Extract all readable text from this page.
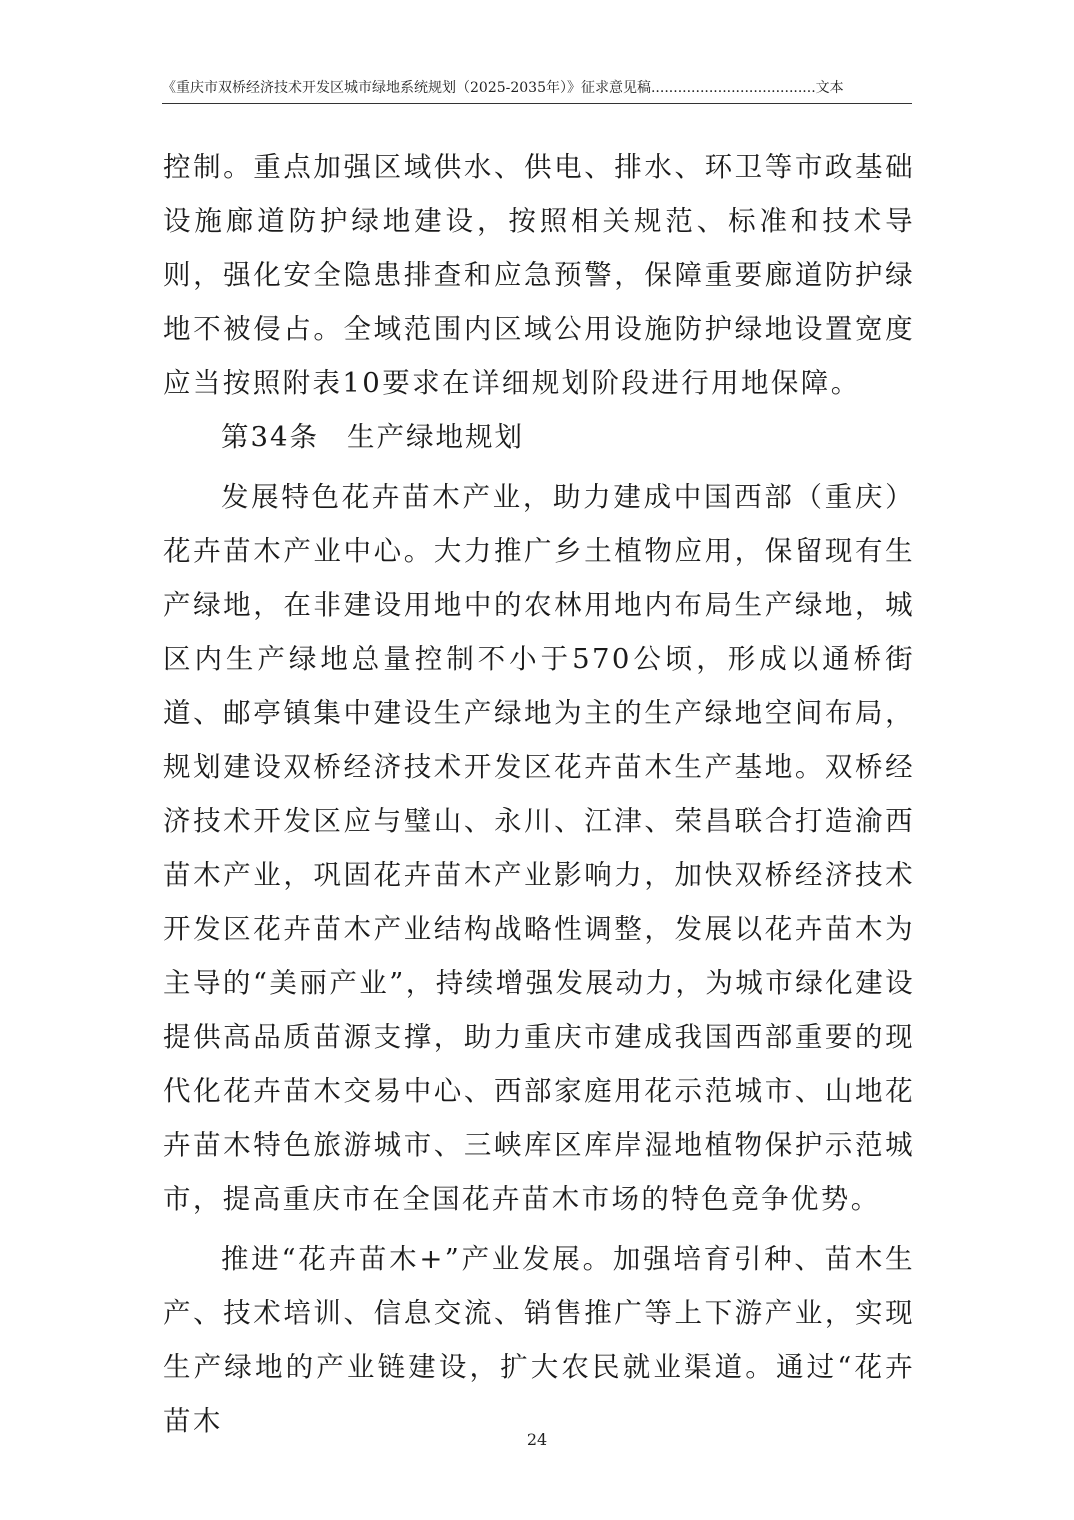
《重庆市双桥经济技术开发区城市绿地系统规划（2025-2035年）》征求意见稿.....................................文本

控制。重点加强区域供水、供电、排水、环卫等市政基础设施廊道防护绿地建设，按照相关规范、标准和技术导则，强化安全隐患排查和应急预警，保障重要廊道防护绿地不被侵占。全域范围内区域公用设施防护绿地设置宽度应当按照附表10要求在详细规划阶段进行用地保障。

第34条 生产绿地规划

发展特色花卉苗木产业，助力建成中国西部（重庆）花卉苗木产业中心。大力推广乡土植物应用，保留现有生产绿地，在非建设用地中的农林用地内布局生产绿地，城区内生产绿地总量控制不小于570公顷，形成以通桥街道、邮亭镇集中建设生产绿地为主的生产绿地空间布局，规划建设双桥经济技术开发区花卉苗木生产基地。双桥经济技术开发区应与璧山、永川、江津、荣昌联合打造渝西苗木产业，巩固花卉苗木产业影响力，加快双桥经济技术开发区花卉苗木产业结构战略性调整，发展以花卉苗木为主导的“美丽产业”，持续增强发展动力，为城市绿化建设提供高品质苗源支撑，助力重庆市建成我国西部重要的现代化花卉苗木交易中心、西部家庭用花示范城市、山地花卉苗木特色旅游城市、三峡库区库岸湿地植物保护示范城市，提高重庆市在全国花卉苗木市场的特色竞争优势。

推进“花卉苗木+”产业发展。加强培育引种、苗木生产、技术培训、信息交流、销售推广等上下游产业，实现生产绿地的产业链建设，扩大农民就业渠道。通过“花卉苗木

24
